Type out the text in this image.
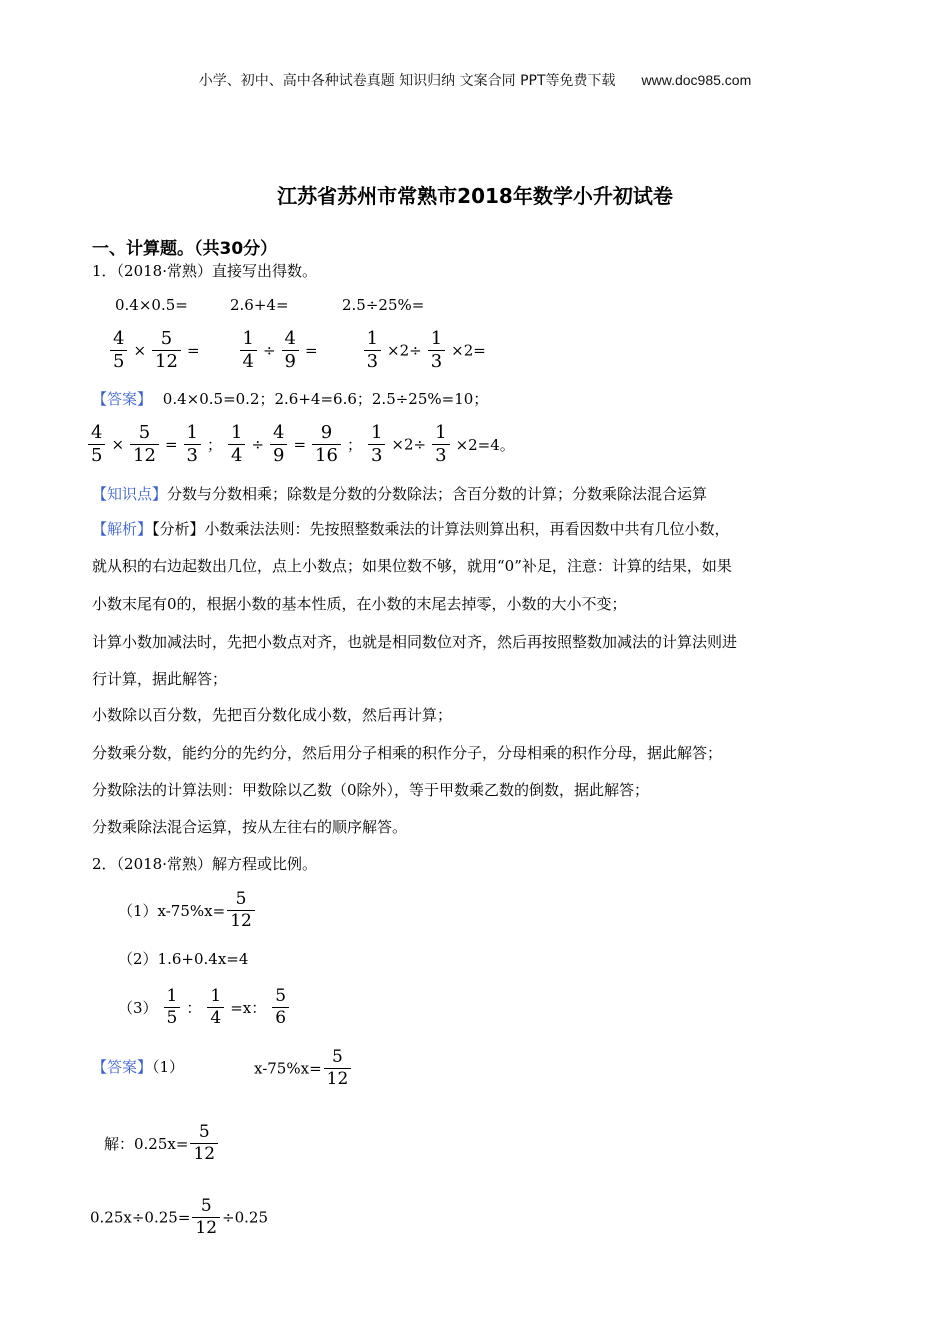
小学、初中、高中各种试卷真题 知识归纳 文案合同 PPT等免费下载 www.doc985.com
江苏省苏州市常熟市2018年数学小升初试卷
一、计算题。（共30分）
1．（2018·常熟）直接写出得数。
0.4×0.5=	2.6+4=	2.5÷25%=
$\frac{4}{5} \times \frac{5}{12} = \frac{1}{4} \div \frac{4}{9}$ =	$\frac{1}{3} \times 2\div \frac{1}{3} \times 2=$
【答案】 0.4×0.5=0.2；2.6+4=6.6；2.5÷25%=10；
$\frac{4}{5} \times \frac{5}{12} = \frac{1}{3}$ ； $\frac{1}{4} \div \frac{4}{9} = \frac{9}{16}$ ； $\frac{1}{3} \times 2\div \frac{1}{3} \times 2=4$。
【知识点】分数与分数相乘；除数是分数的分数除法；含百分数的计算；分数乘除法混合运算
【解析】【分析】小数乘法法则：先按照整数乘法的计算法则算出积，再看因数中共有几位小数，
就从积的右边起数出几位，点上小数点；如果位数不够，就用“0”补足，注意：计算的结果，如果
小数末尾有0的，根据小数的基本性质，在小数的末尾去掉零，小数的大小不变；
计算小数加减法时，先把小数点对齐，也就是相同数位对齐，然后再按照整数加减法的计算法则进
行计算，据此解答；
小数除以百分数，先把百分数化成小数，然后再计算；
分数乘分数，能约分的先约分，然后用分子相乘的积作分子，分母相乘的积作分母，据此解答；
分数除法的计算法则：甲数除以乙数（0除外），等于甲数乘乙数的倒数，据此解答；
分数乘除法混合运算，按从左往右的顺序解答。
2．（2018·常熟）解方程或比例。
$(1)x-75\%x= \frac{5}{12}$
（2）1.6+0.4x=4
$(3) \frac{1}{5}$ ： $\frac{1}{4} =x$： $\frac{5}{6}$
【答案】（1）	$x-75\%x= \frac{5}{12}$
解：$0.25x= \frac{5}{12}$
$0.25x\div 0.25= \frac{5}{12} \div 0.25$
